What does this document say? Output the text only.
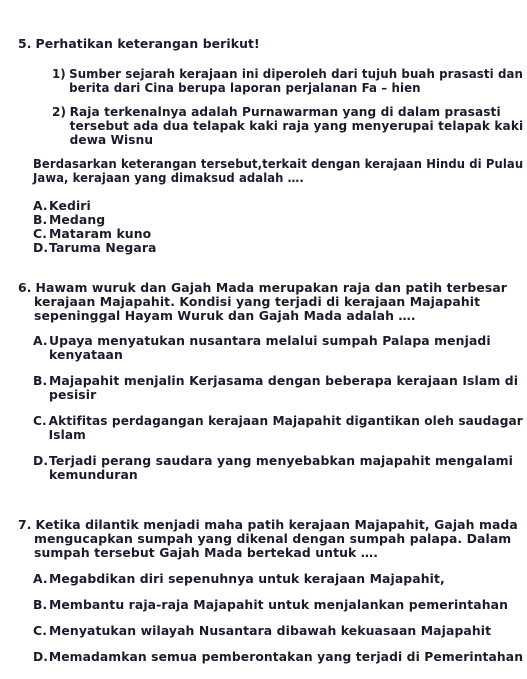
5. Perhatikan keterangan berikut!
1) Sumber sejarah kerajaan ini diperoleh dari tujuh buah prasasti dan
berita dari Cina berupa laporan perjalanan Fa – hien
2) Raja terkenalnya adalah Purnawarman yang di dalam prasasti
tersebut ada dua telapak kaki raja yang menyerupai telapak kaki
dewa Wisnu
Berdasarkan keterangan tersebut,terkait dengan kerajaan Hindu di Pulau
Jawa, kerajaan yang dimaksud adalah ….
A.Kediri
B. Medang
C. Mataram kuno
D.Taruma Negara
6. Hawam wuruk dan Gajah Mada merupakan raja dan patih terbesar
kerajaan Majapahit. Kondisi yang terjadi di kerajaan Majapahit
sepeninggal Hayam Wuruk dan Gajah Mada adalah ….
A.Upaya menyatukan nusantara melalui sumpah Palapa menjadi
kenyataan
B. Majapahit menjalin Kerjasama dengan beberapa kerajaan Islam di
pesisir
C. Aktifitas perdagangan kerajaan Majapahit digantikan oleh saudagar
Islam
D.Terjadi perang saudara yang menyebabkan majapahit mengalami
kemunduran
7. Ketika dilantik menjadi maha patih kerajaan Majapahit, Gajah mada
mengucapkan sumpah yang dikenal dengan sumpah palapa. Dalam
sumpah tersebut Gajah Mada bertekad untuk ….
A.Megabdikan diri sepenuhnya untuk kerajaan Majapahit,
B. Membantu raja-raja Majapahit untuk menjalankan pemerintahan
C. Menyatukan wilayah Nusantara dibawah kekuasaan Majapahit
D.Memadamkan semua pemberontakan yang terjadi di Pemerintahan
